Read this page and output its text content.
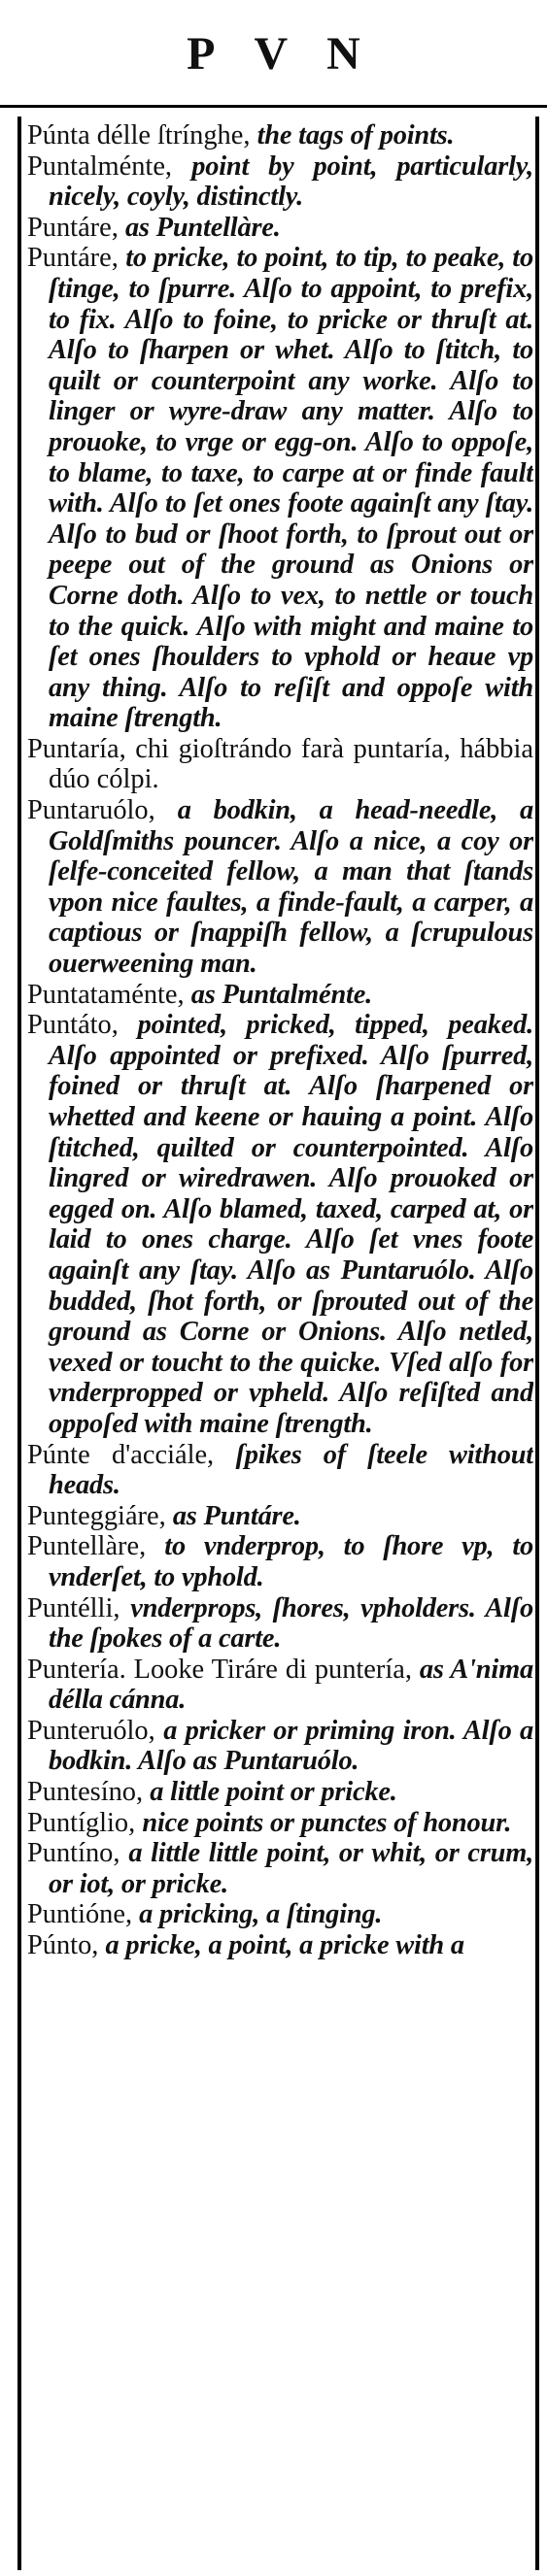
PVN

Púnta délle ſtrínghe, the tags of points.

Puntalménte, point by point, particularly, nicely, coyly, distinctly.

Puntáre, as Puntellàre.

Puntáre, to pricke, to point, to tip, to peake, to ſtinge, to ſpurre. Alſo to appoint, to prefix, to fix. Alſo to foine, to pricke or thruſt at. Alſo to ſharpen or whet. Alſo to ſtitch, to quilt or counterpoint any worke. Alſo to linger or wyre-draw any matter. Alſo to prouoke, to vrge or egg-on. Alſo to oppoſe, to blame, to taxe, to carpe at or finde fault with. Alſo to ſet ones foote againſt any ſtay. Alſo to bud or ſhoot forth, to ſprout out or peepe out of the ground as Onions or Corne doth. Alſo to vex, to nettle or touch to the quick. Alſo with might and maine to ſet ones ſhoulders to vphold or heaue vp any thing. Alſo to reſiſt and oppoſe with maine ſtrength.

Puntaría, chi gioſtrándo farà puntaría, hábbia dúo cólpi.

Puntaruólo, a bodkin, a head-needle, a Goldſmiths pouncer. Alſo a nice, a coy or ſelfe-conceited fellow, a man that ſtands vpon nice faultes, a finde-fault, a carper, a captious or ſnappiſh fellow, a ſcrupulous ouerweening man.

Puntataménte, as Puntalménte.

Puntáto, pointed, pricked, tipped, peaked. Alſo appointed or prefixed. Alſo ſpurred, foined or thruſt at. Alſo ſharpened or whetted and keene or hauing a point. Alſo ſtitched, quilted or counterpointed. Alſo lingred or wiredrawen. Alſo prouoked or egged on. Alſo blamed, taxed, carped at, or laid to ones charge. Alſo ſet vnes foote againſt any ſtay. Alſo as Puntaruólo. Alſo budded, ſhot forth, or ſprouted out of the ground as Corne or Onions. Alſo netled, vexed or toucht to the quicke. Vſed alſo for vnderpropped or vpheld. Alſo reſiſted and oppoſed with maine ſtrength.

Púnte d'acciále, ſpikes of ſteele without heads.

Punteggiáre, as Puntáre.

Puntellàre, to vnderprop, to ſhore vp, to vnderſet, to vphold.

Puntélli, vnderprops, ſhores, vpholders. Alſo the ſpokes of a carte.

Puntería. Looke Tiráre di puntería, as A'nima délla cánna.

Punteruólo, a pricker or priming iron. Alſo a bodkin. Alſo as Puntaruólo.

Puntesíno, a little point or pricke.

Puntíglio, nice points or punctes of honour.

Puntíno, a little little point, or whit, or crum, or iot, or pricke.

Puntióne, a pricking, a ſtinging.

Púnto, a pricke, a point, a pricke with a
